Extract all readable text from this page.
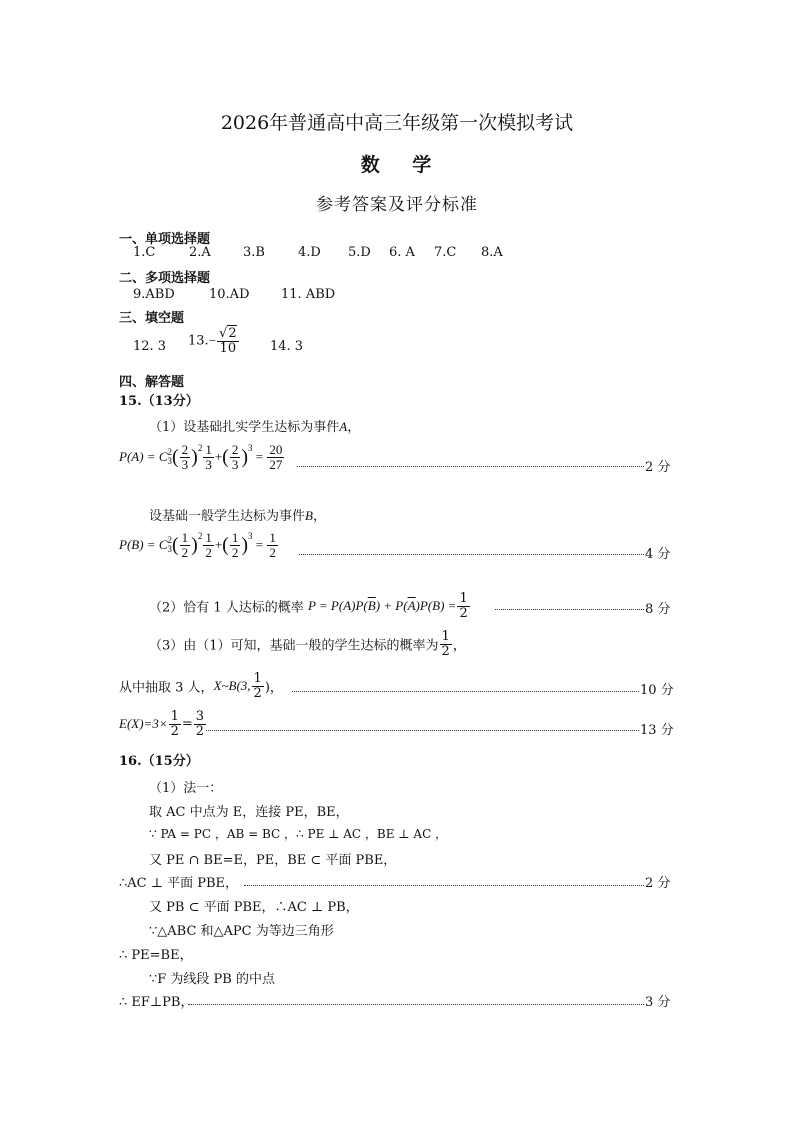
2026年普通高中高三年级第一次模拟考试
数 学
参考答案及评分标准
一、单项选择题
1.C	2.A 3.B	4.D 5.D 6. A 7.C 8.A
二、多项选择题
9.ABD	10.AD 11. ABD
三、填空题
12. 3 $13.- \frac{√2}{10} 14$. 3
四、解答题
15.（13分）
（1）设基础扎实学生达标为事件A，
P(A) = C2
$3( \frac{2}{3} )^2 \frac{1}{3}$ +( $\frac{2}{3} )^3 = \frac{20}{27}$	2 分
设基础一般学生达标为事件B，
P(B) = C2
$3( \frac{1}{2} )^2 \frac{1}{2}$ +( $\frac{1}{2} )^3 = \frac{1}{2}$	4 分
（2）恰有 1 人达标的概率 $P = P(A)P(\overline{B}) + P(\overline{A})P(B) = \frac{1}{2}$	8 分
（3）由（1）可知，基础一般的学生达标的概率为 $\frac{1}{2}$ ，
从中抽取 3 人，X~B(3, $\frac{1}{2}$ )，	10 分
$E(X)=3\times \frac{1}{2} = \frac{3}{2}$	13 分
16.（15分）
（1）法一：
取 AC 中点为 E，连接 PE，BE，
∵ PA = PC ，AB = BC ，∴ PE ⊥ AC ，BE ⊥ AC ，
又 PE ∩ BE=E，PE，BE ⊂ 平面 PBE，
∴AC ⊥ 平面 PBE，	2 分
又 PB ⊂ 平面 PBE，∴AC ⊥ PB，
∵△ABC 和△APC 为等边三角形
∴ PE=BE，
∵F 为线段 PB 的中点
∴ EF⊥PB，	3 分
